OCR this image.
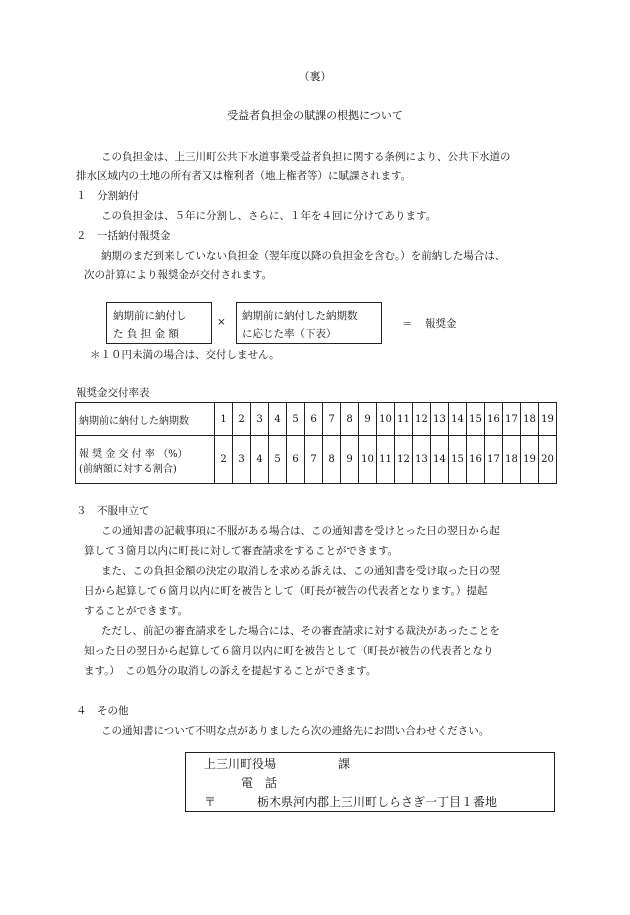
（裏）
受益者負担金の賦課の根拠について
この負担金は、上三川町公共下水道事業受益者負担に関する条例により、公共下水道の
排水区域内の土地の所有者又は権利者（地上権者等）に賦課されます。
１　分割納付
この負担金は、５年に分割し、さらに、１年を４回に分けてあります。
２　一括納付報奨金
納期のまだ到来していない負担金（翌年度以降の負担金を含む。）を前納した場合は、
次の計算により報奨金が交付されます。
納期前に納付し
た 負 担 金 額
× 納期前に納付した納期数
に応じた率（下表）
＝ 報奨金
＊１０円未満の場合は、交付しません。
報奨金交付率表
納期前に納付した納期数	1	2	3	4	5	6	7	8	9	10	11	12	13	14	15	16	17	18	19

報 奨 金 交 付 率 （%）
(前納額に対する割合)	2	3	4	5	6	7	8	9	10	11	12	13	14	15	16	17	18	19	20
３　不服申立て
この通知書の記載事項に不服がある場合は、この通知書を受けとった日の翌日から起
算して３箇月以内に町長に対して審査請求をすることができます。
また、この負担金額の決定の取消しを求める訴えは、この通知書を受け取った日の翌
日から起算して６箇月以内に町を被告として（町長が被告の代表者となります。）提起
することができます。
ただし、前記の審査請求をした場合には、その審査請求に対する裁決があったことを
知った日の翌日から起算して６箇月以内に町を被告として（町長が被告の代表者となり
ます。）　この処分の取消しの訴えを提起することができます。
４　その他
この通知書について不明な点がありましたら次の連絡先にお問い合わせください。
上三川町役場	課
電　話
〒	栃木県河内郡上三川町しらさぎ一丁目１番地
